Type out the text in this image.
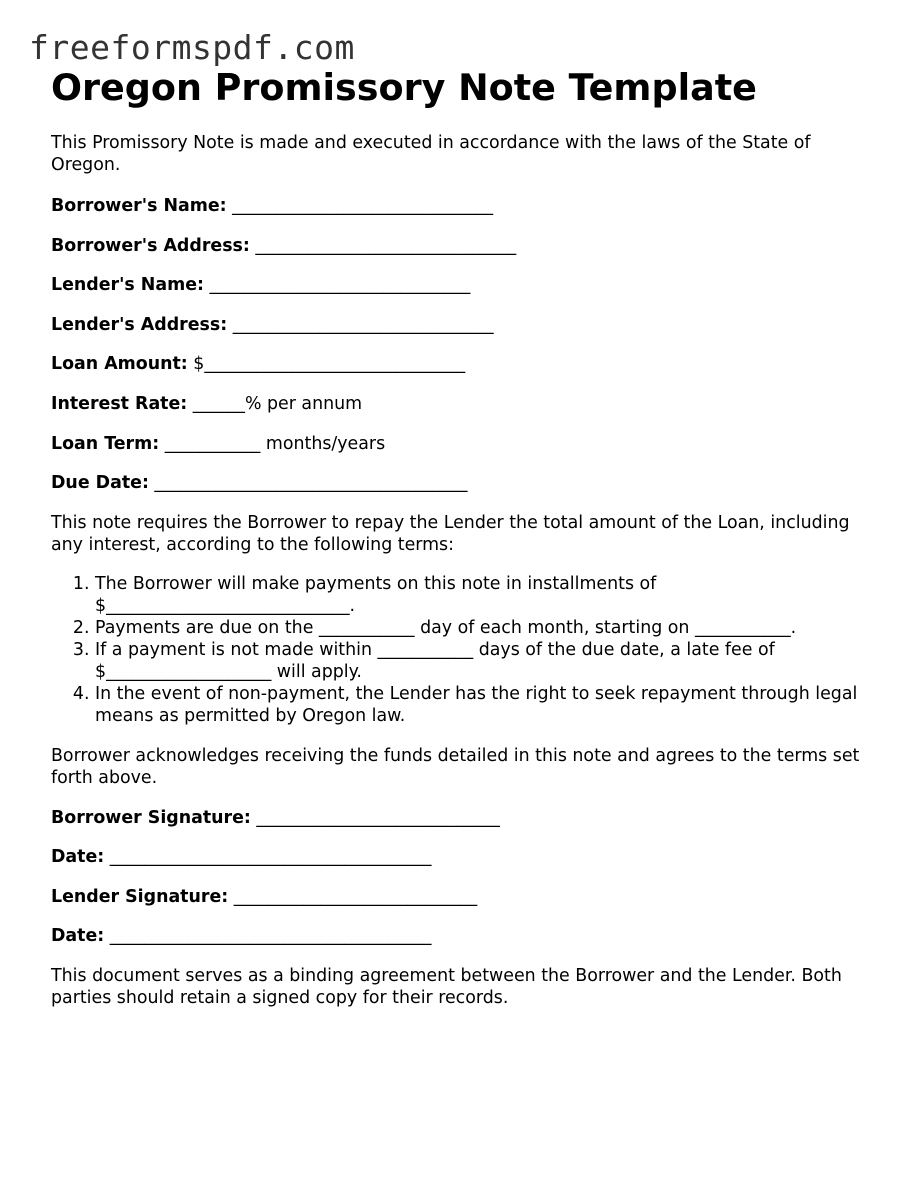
freeformspdf.com
Oregon Promissory Note Template

This Promissory Note is made and executed in accordance with the laws of the State of Oregon.

Borrower's Name: ______________________________

Borrower's Address: ______________________________

Lender's Name: ______________________________

Lender's Address: ______________________________

Loan Amount: $______________________________

Interest Rate: ______% per annum

Loan Term: ___________ months/years

Due Date: ____________________________________

This note requires the Borrower to repay the Lender the total amount of the Loan, including any interest, according to the following terms:

1. The Borrower will make payments on this note in installments of $____________________________.
2. Payments are due on the ___________ day of each month, starting on ___________.
3. If a payment is not made within ___________ days of the due date, a late fee of $___________________ will apply.
4. In the event of non-payment, the Lender has the right to seek repayment through legal means as permitted by Oregon law.

Borrower acknowledges receiving the funds detailed in this note and agrees to the terms set forth above.

Borrower Signature: ____________________________

Date: _____________________________________

Lender Signature: ____________________________

Date: _____________________________________

This document serves as a binding agreement between the Borrower and the Lender. Both parties should retain a signed copy for their records.
